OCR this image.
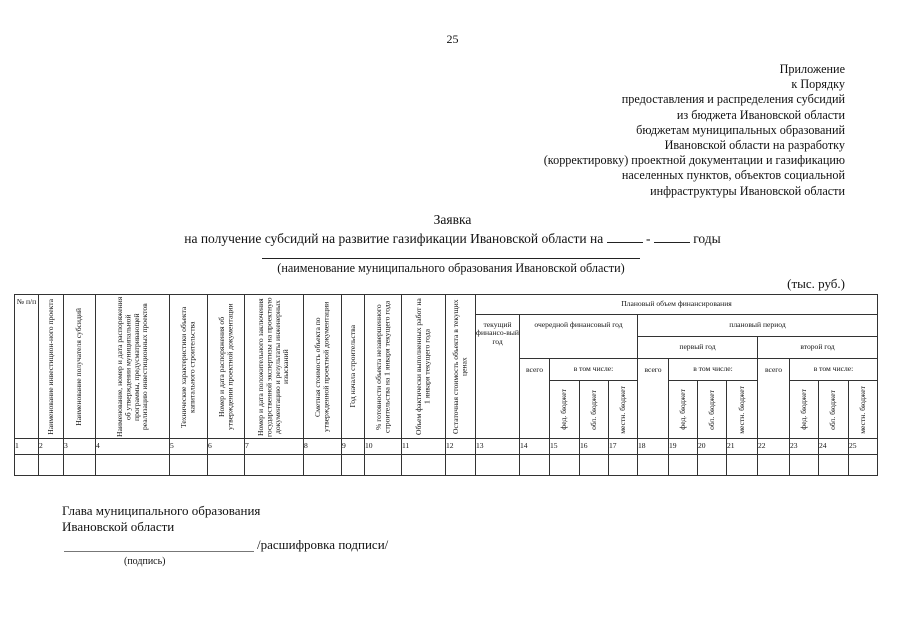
25
Приложение
к Порядку
предоставления и распределения субсидий
из бюджета Ивановской области
бюджетам муниципальных образований
Ивановской области на разработку
(корректировку) проектной документации и газификацию
населенных пунктов, объектов социальной
инфраструктуры Ивановской области
Заявка
на получение субсидий на развитие газификации Ивановской области на	-	годы
(наименование муниципального образования Ивановской области)
(тыс. руб.)
№ п/п	Наименование инвестицион-ного проекта	Наименование получателя субсидий	Наименование, номер и дата распоряжения об утверждении муниципальной программы, предусматривающей реализацию инвестиционных проектов	Технические характеристики объекта капитального строительства	Номер и дата распоряжения об утверждении проектной документации	Номер и дата положительного заключения государственной экспертизы на проектную документацию и результаты инженерных изысканий	Сметная стоимость объекта по утвержденной проектной документации	Год начала строительства	% готовности объекта незавершенного строительства на 1 января текущего года	Объем фактически выполненных работ на 1 января текущего года	Остаточная стоимость объекта в текущих ценах	Плановый объем финансирования												
												текущий финансо-вый год	очередной финансовый год				плановый период							
																	первый год				второй год			
													всего	в том числе:			всего	в том числе:			всего	в том числе:		

														фед. бюджет	обл. бюджет	местн. бюджет		фед. бюджет	обл. бюджет	местн. бюджет		фед. бюджет	обл. бюджет	местн. бюджет

1	2	3	4	5	6	7	8	9	10	11	12	13	14	15	16	17	18	19	20	21	22	23	24	25

Глава муниципального образования
Ивановской области
/расшифровка подписи/
(подпись)
